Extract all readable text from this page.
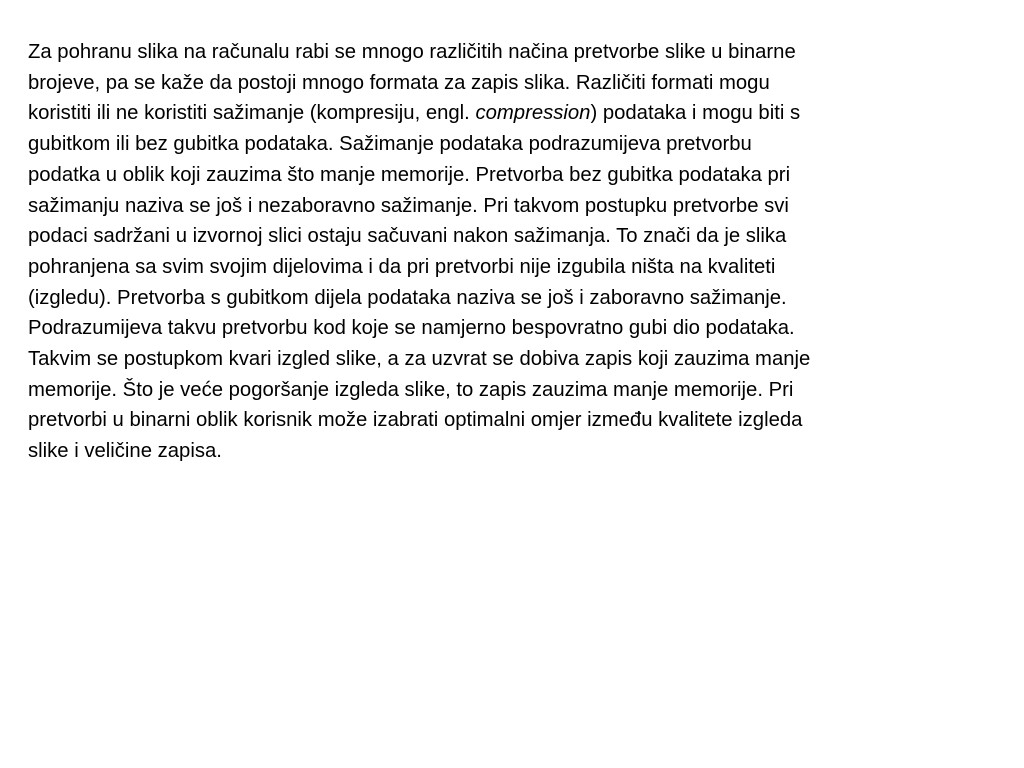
Za pohranu slika na računalu rabi se mnogo različitih načina pretvorbe slike u binarne
brojeve, pa se kaže da postoji mnogo formata za zapis slika. Različiti formati mogu
koristiti ili ne koristiti sažimanje (kompresiju, engl. compression) podataka i mogu biti s
gubitkom ili bez gubitka podataka. Sažimanje podataka podrazumijeva pretvorbu
podatka u oblik koji zauzima što manje memorije. Pretvorba bez gubitka podataka pri
sažimanju naziva se još i nezaboravno sažimanje. Pri takvom postupku pretvorbe svi
podaci sadržani u izvornoj slici ostaju sačuvani nakon sažimanja. To znači da je slika
pohranjena sa svim svojim dijelovima i da pri pretvorbi nije izgubila ništa na kvaliteti
(izgledu). Pretvorba s gubitkom dijela podataka naziva se još i zaboravno sažimanje.
Podrazumijeva takvu pretvorbu kod koje se namjerno bespovratno gubi dio podataka.
Takvim se postupkom kvari izgled slike, a za uzvrat se dobiva zapis koji zauzima manje
memorije. Što je veće pogoršanje izgleda slike, to zapis zauzima manje memorije. Pri
pretvorbi u binarni oblik korisnik može izabrati optimalni omjer između kvalitete izgleda
slike i veličine zapisa.
